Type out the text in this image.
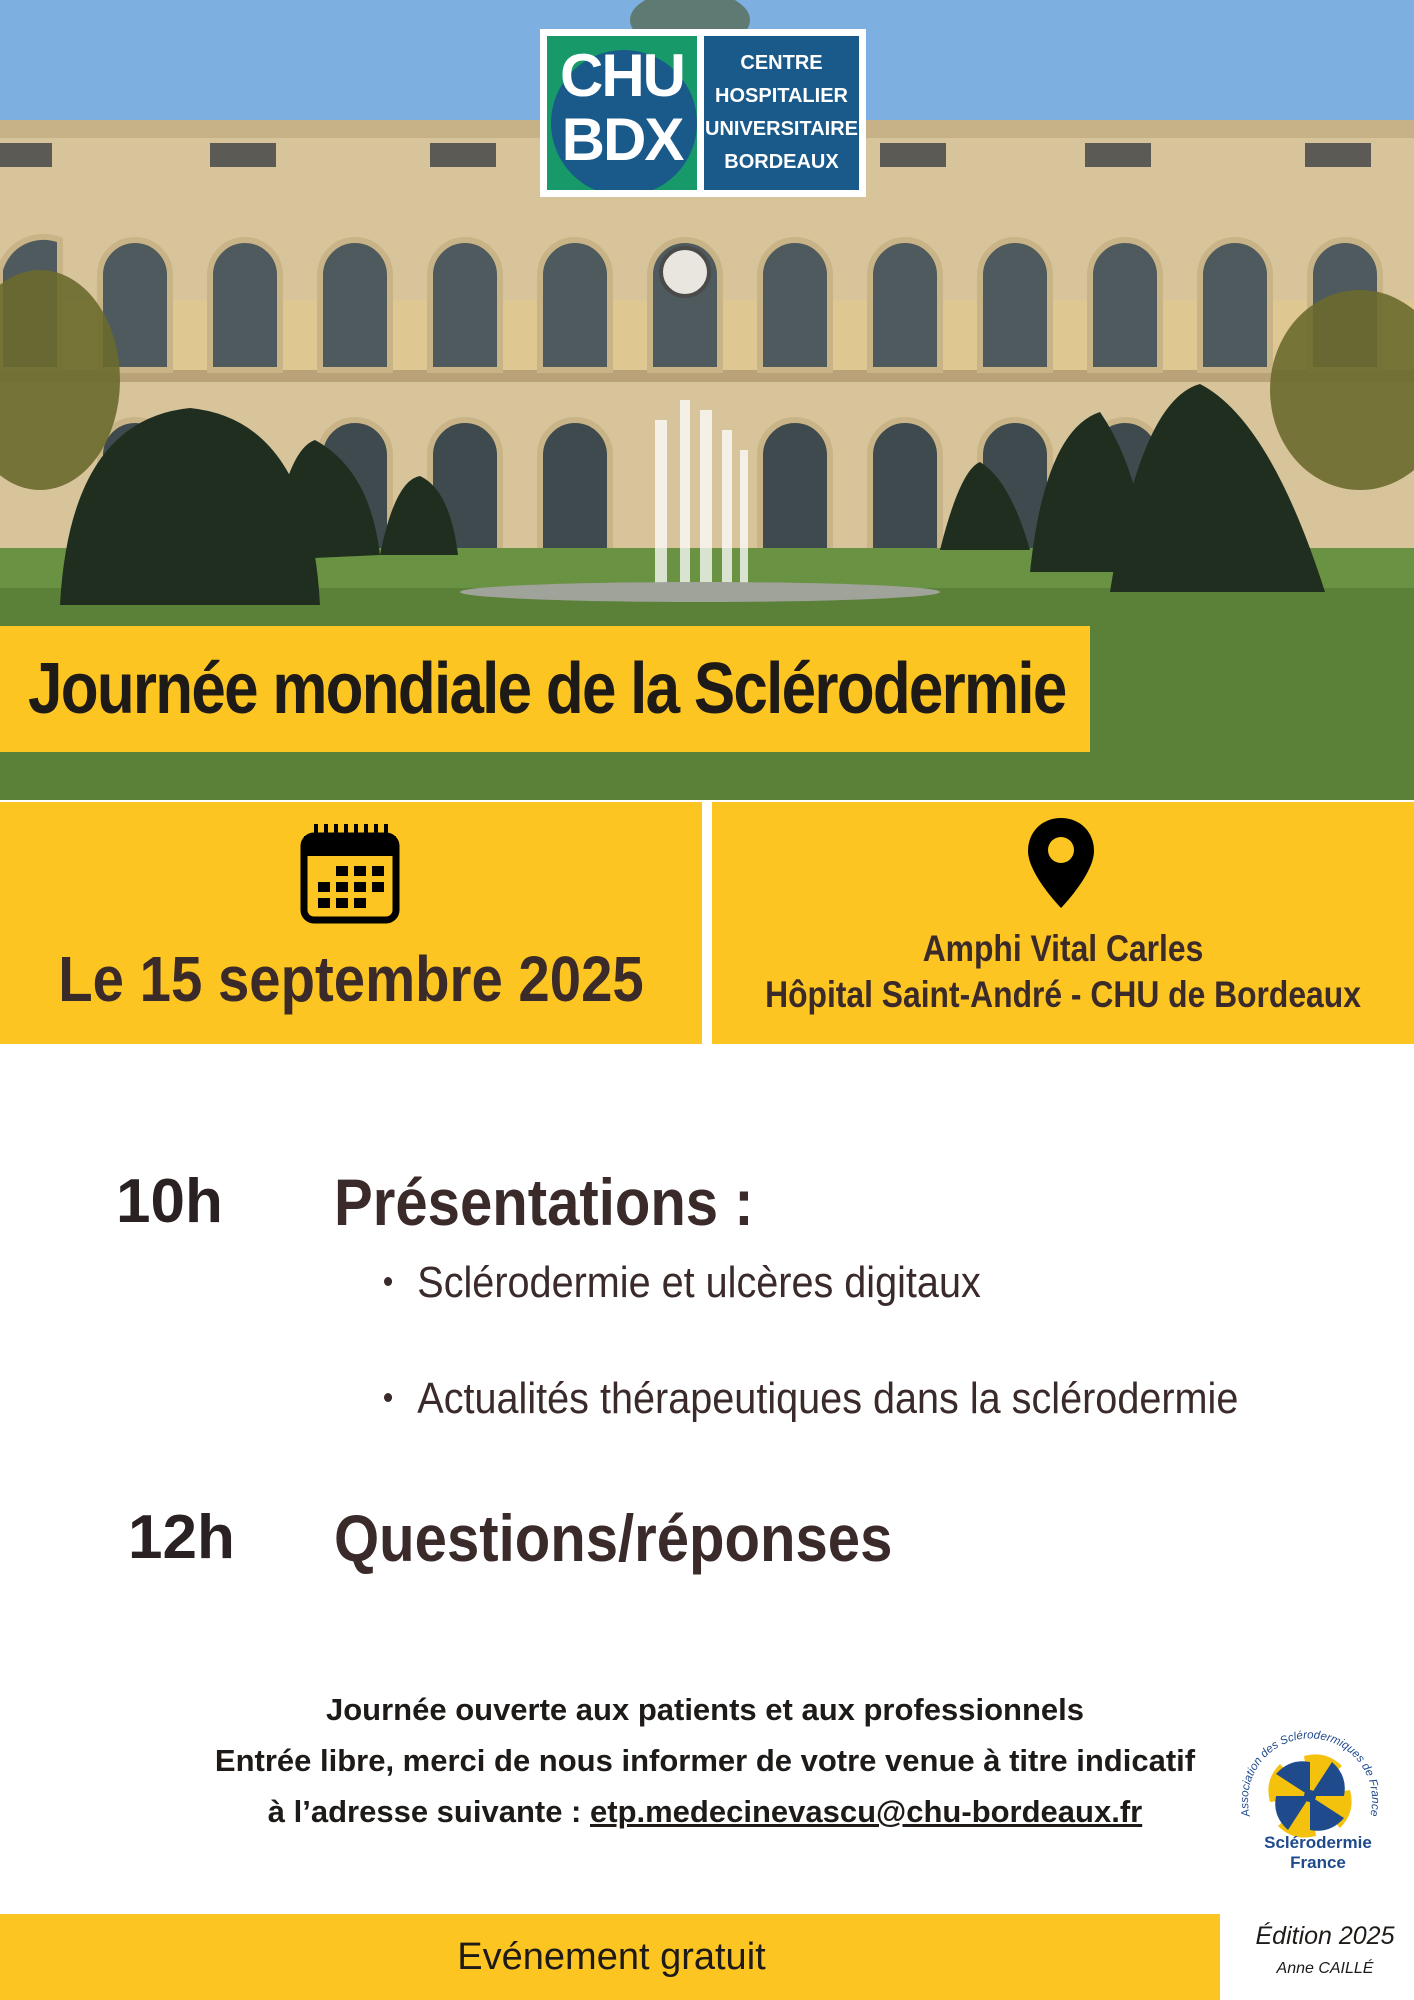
CHU
BDX
CENTRE
HOSPITALIER
UNIVERSITAIRE
BORDEAUX
Journée mondiale de la Sclérodermie
Le 15 septembre 2025	Amphi Vital Carles
Hôpital Saint-André - CHU de Bordeaux
10h Présentations :
Sclérodermie et ulcères digitaux
Actualités thérapeutiques dans la sclérodermie
12h Questions/réponses
Journée ouverte aux patients et aux professionnels
Entrée libre, merci de nous informer de votre venue à titre indicatif
à l’adresse suivante : etp.medecinevascu@chu-bordeaux.fr	Association des Sclérodermiques de France
Sclérodermie
France
Evénement gratuit	Édition 2025
Anne CAILLÉ
